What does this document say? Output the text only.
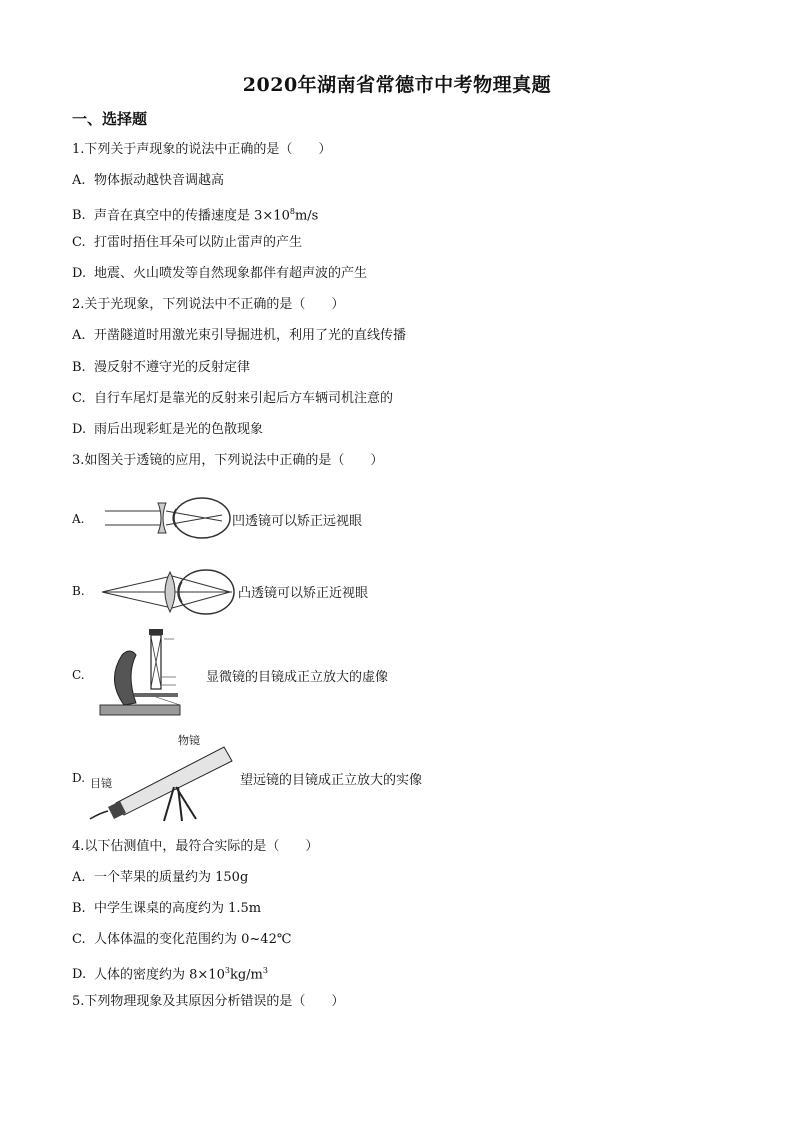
2020年湖南省常德市中考物理真题
一、选择题
1.下列关于声现象的说法中正确的是（　　）
A. 物体振动越快音调越高
B. 声音在真空中的传播速度是 $3\times 10^8m/s$
C. 打雷时捂住耳朵可以防止雷声的产生
D. 地震、火山喷发等自然现象都伴有超声波的产生
2.关于光现象，下列说法中不正确的是（　　）
A. 开凿隧道时用激光束引导掘进机，利用了光的直线传播
B. 漫反射不遵守光的反射定律
C. 自行车尾灯是靠光的反射来引起后方车辆司机注意的
D. 雨后出现彩虹是光的色散现象
3.如图关于透镜的应用，下列说法中正确的是（　　）
A.	凹透镜可以矫正远视眼
B.	凸透镜可以矫正近视眼
C.	显微镜的目镜成正立放大的虚像
D.
物镜
目镜	望远镜的目镜成正立放大的实像
4.以下估测值中，最符合实际的是（　　）
A. 一个苹果的质量约为 150g
B. 中学生课桌的高度约为 1.5m
C. 人体体温的变化范围约为 0~42℃
D. 人体的密度约为 $8\times 10^3kg/m^3$
5.下列物理现象及其原因分析错误的是（　　）
